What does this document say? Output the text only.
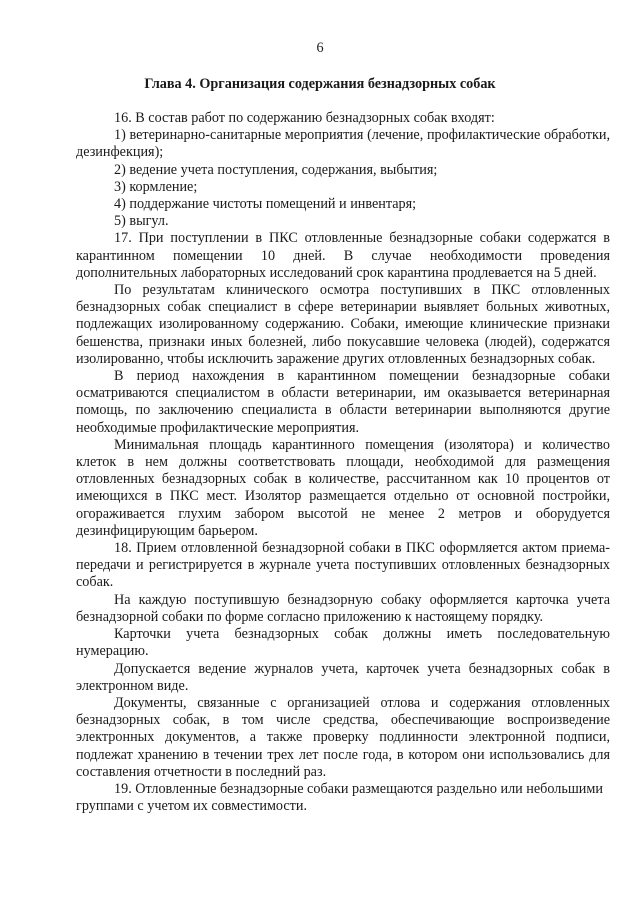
6
Глава 4. Организация содержания безнадзорных собак

16. В состав работ по содержанию безнадзорных собак входят:

1) ветеринарно-санитарные мероприятия (лечение, профилактические обработки, дезинфекция);

2) ведение учета поступления, содержания, выбытия;

3) кормление;

4) поддержание чистоты помещений и инвентаря;

5) выгул.

17. При поступлении в ПКС отловленные безнадзорные собаки содержатся в карантинном помещении 10 дней. В случае необходимости проведения дополнительных лабораторных исследований срок карантина продлевается на 5 дней.

По результатам клинического осмотра поступивших в ПКС отловленных безнадзорных собак специалист в сфере ветеринарии выявляет больных животных, подлежащих изолированному содержанию. Собаки, имеющие клинические признаки бешенства, признаки иных болезней, либо покусавшие человека (людей), содержатся изолированно, чтобы исключить заражение других отловленных безнадзорных собак.

В период нахождения в карантинном помещении безнадзорные собаки осматриваются специалистом в области ветеринарии, им оказывается ветеринарная помощь, по заключению специалиста в области ветеринарии выполняются другие необходимые профилактические мероприятия.

Минимальная площадь карантинного помещения (изолятора) и количество клеток в нем должны соответствовать площади, необходимой для размещения отловленных безнадзорных собак в количестве, рассчитанном как 10 процентов от имеющихся в ПКС мест. Изолятор размещается отдельно от основной постройки, огораживается глухим забором высотой не менее 2 метров и оборудуется дезинфицирующим барьером.

18. Прием отловленной безнадзорной собаки в ПКС оформляется актом приема-передачи и регистрируется в журнале учета поступивших отловленных безнадзорных собак.

На каждую поступившую безнадзорную собаку оформляется карточка учета безнадзорной собаки по форме согласно приложению к настоящему порядку.

Карточки учета безнадзорных собак должны иметь последовательную нумерацию.

Допускается ведение журналов учета, карточек учета безнадзорных собак в электронном виде.

Документы, связанные с организацией отлова и содержания отловленных безнадзорных собак, в том числе средства, обеспечивающие воспроизведение электронных документов, а также проверку подлинности электронной подписи, подлежат хранению в течении трех лет после года, в котором они использовались для составления отчетности в последний раз.

19. Отловленные безнадзорные собаки размещаются раздельно или небольшими группами с учетом их совместимости.
